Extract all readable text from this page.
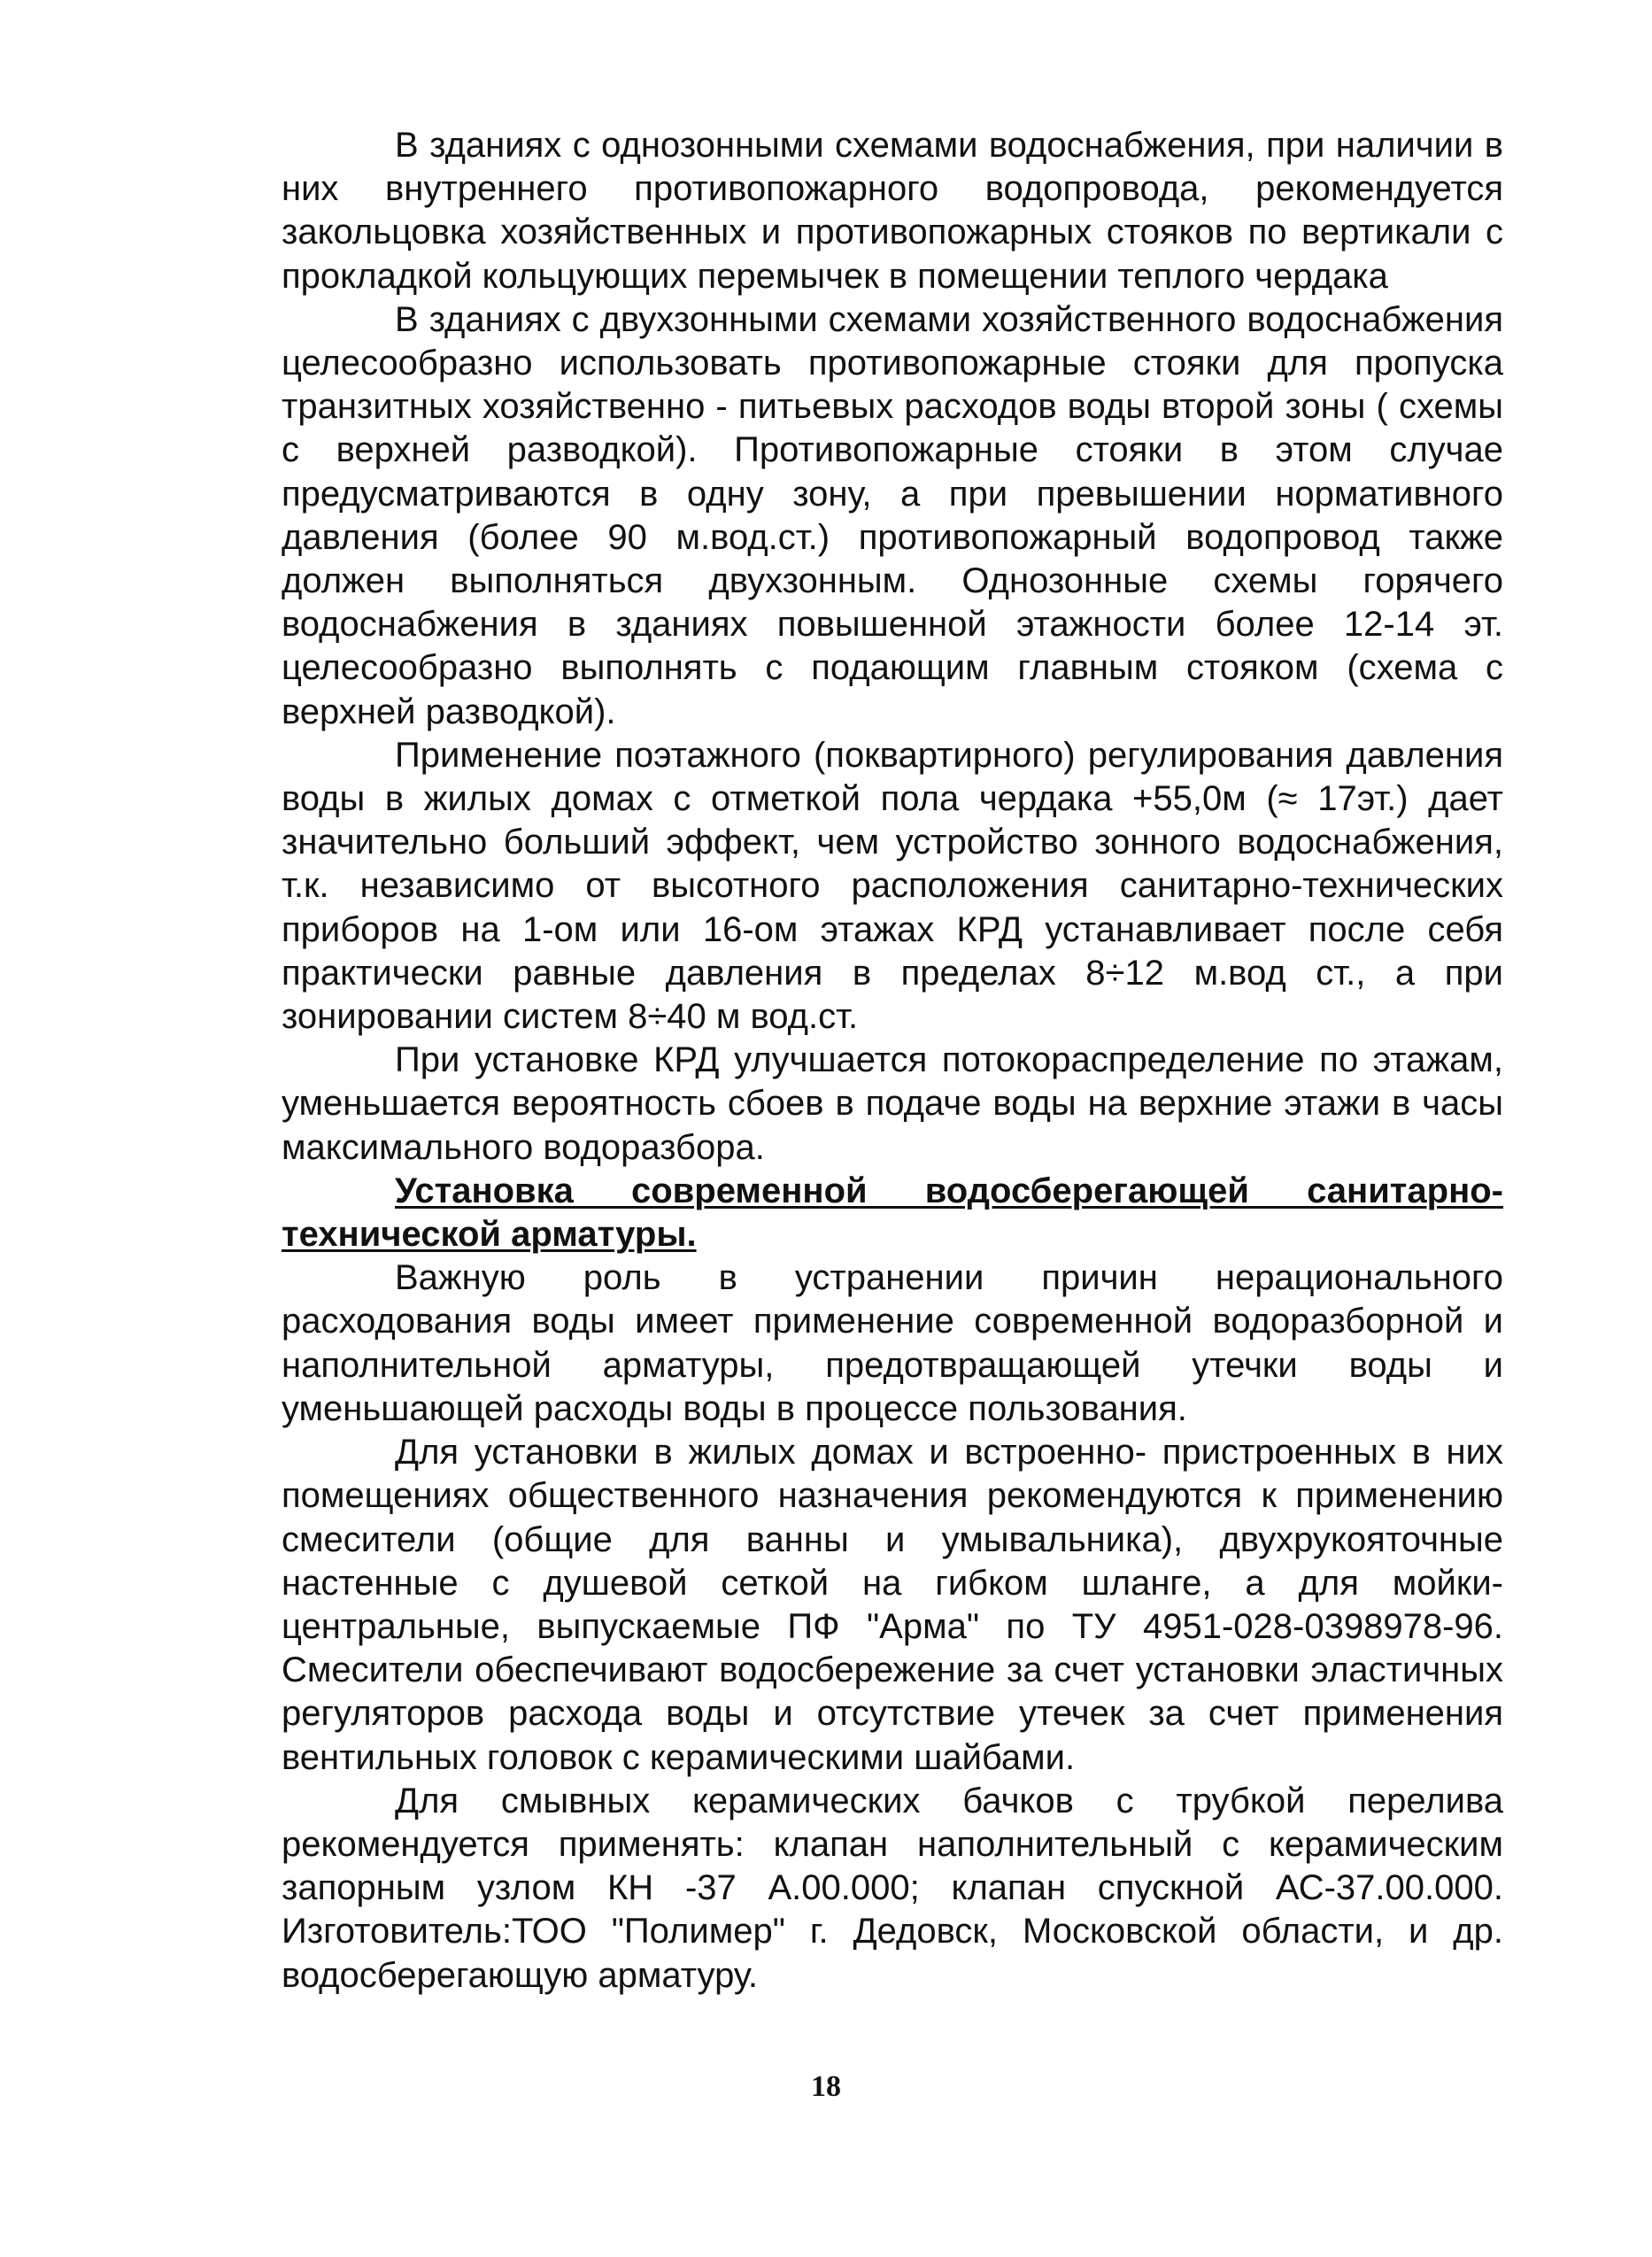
В зданиях с однозонными схемами водоснабжения, при наличии в них внутреннего противопожарного водопровода, рекомендуется закольцовка хозяйственных и противопожарных стояков по вертикали с прокладкой кольцующих перемычек в помещении теплого чердака

В зданиях с двухзонными схемами хозяйственного водоснабжения целесообразно использовать противопожарные стояки для пропуска транзитных хозяйственно - питьевых расходов воды второй зоны ( схемы с верхней разводкой). Противопожарные стояки в этом случае предусматриваются в одну зону, а при превышении нормативного давления (более 90 м.вод.ст.) противопожарный водопровод также должен выполняться двухзонным. Однозонные схемы горячего водоснабжения в зданиях повышенной этажности более 12-14 эт. целесообразно выполнять с подающим главным стояком (схема с верхней разводкой).

Применение поэтажного (поквартирного) регулирования давления воды в жилых домах с отметкой пола чердака +55,0м (≈ 17эт.) дает значительно больший эффект, чем устройство зонного водоснабжения, т.к. независимо от высотного расположения санитарно-технических приборов на 1-ом или 16-ом этажах КРД устанавливает после себя практически равные давления в пределах 8÷12 м.вод ст., а при зонировании систем 8÷40 м вод.ст.

При установке КРД улучшается потокораспределение по этажам, уменьшается вероятность сбоев в подаче воды на верхние этажи в часы максимального водоразбора.

Установка современной водосберегающей санитарно-технической арматуры.

Важную роль в устранении причин нерационального расходования воды имеет применение современной водоразборной и наполнительной арматуры, предотвращающей утечки воды и уменьшающей расходы воды в процессе пользования.

Для установки в жилых домах и встроенно- пристроенных в них помещениях общественного назначения рекомендуются к применению смесители (общие для ванны и умывальника), двухрукояточные настенные с душевой сеткой на гибком шланге, а для мойки-центральные, выпускаемые ПФ "Арма" по ТУ 4951-028-0398978-96. Смесители обеспечивают водосбережение за счет установки эластичных регуляторов расхода воды и отсутствие утечек за счет применения вентильных головок с керамическими шайбами.

Для смывных керамических бачков с трубкой перелива рекомендуется применять: клапан наполнительный с керамическим запорным узлом КН -37 А.00.000; клапан спускной АС-37.00.000. Изготовитель:ТОО "Полимер" г. Дедовск, Московской области, и др. водосберегающую арматуру.

18
